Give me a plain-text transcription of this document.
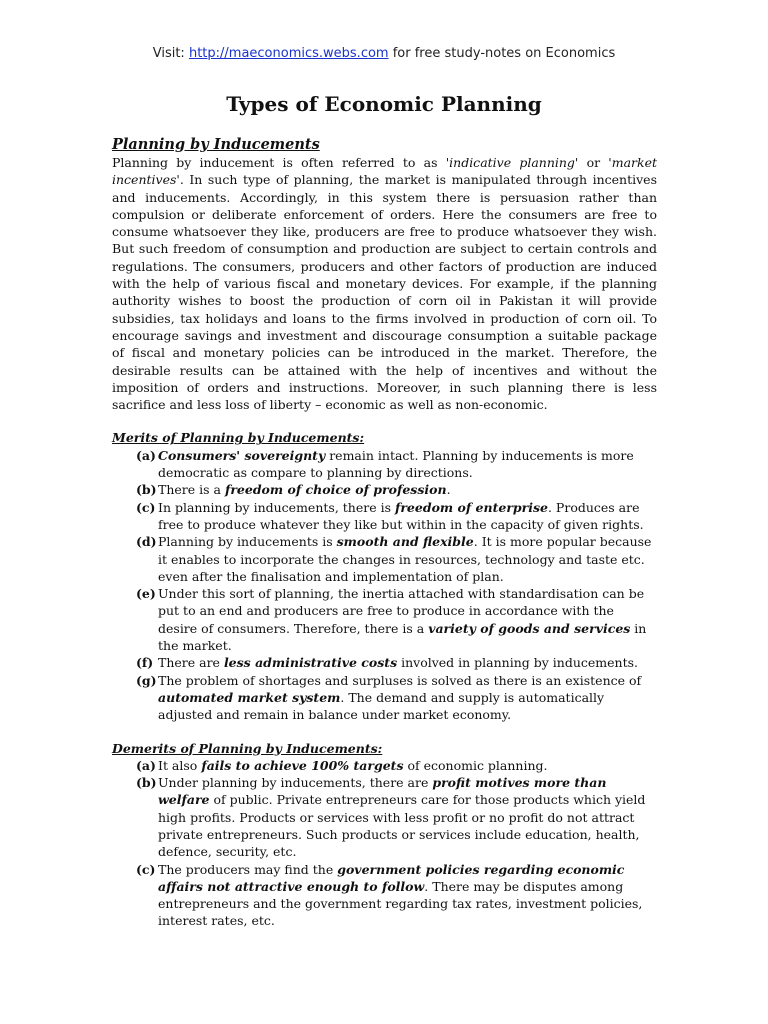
Visit: http://maeconomics.webs.com for free study-notes on Economics
Types of Economic Planning

Planning by Inducements

Planning by inducement is often referred to as 'indicative planning' or 'market incentives'. In such type of planning, the market is manipulated through incentives and inducements. Accordingly, in this system there is persuasion rather than compulsion or deliberate enforcement of orders. Here the consumers are free to consume whatsoever they like, producers are free to produce whatsoever they wish. But such freedom of consumption and production are subject to certain controls and regulations. The consumers, producers and other factors of production are induced with the help of various fiscal and monetary devices. For example, if the planning authority wishes to boost the production of corn oil in Pakistan it will provide subsidies, tax holidays and loans to the firms involved in production of corn oil. To encourage savings and investment and discourage consumption a suitable package of fiscal and monetary policies can be introduced in the market. Therefore, the desirable results can be attained with the help of incentives and without the imposition of orders and instructions. Moreover, in such planning there is less sacrifice and less loss of liberty – economic as well as non-economic.

Merits of Planning by Inducements:

(a) Consumers' sovereignty remain intact. Planning by inducements is more democratic as compare to planning by directions.
(b) There is a freedom of choice of profession.
(c) In planning by inducements, there is freedom of enterprise. Produces are free to produce whatever they like but within in the capacity of given rights.
(d) Planning by inducements is smooth and flexible. It is more popular because it enables to incorporate the changes in resources, technology and taste etc. even after the finalisation and implementation of plan.
(e) Under this sort of planning, the inertia attached with standardisation can be put to an end and producers are free to produce in accordance with the desire of consumers. Therefore, there is a variety of goods and services in the market.
(f) There are less administrative costs involved in planning by inducements.
(g) The problem of shortages and surpluses is solved as there is an existence of automated market system. The demand and supply is automatically adjusted and remain in balance under market economy.

Demerits of Planning by Inducements:

(a) It also fails to achieve 100% targets of economic planning.
(b) Under planning by inducements, there are profit motives more than welfare of public. Private entrepreneurs care for those products which yield high profits. Products or services with less profit or no profit do not attract private entrepreneurs. Such products or services include education, health, defence, security, etc.
(c) The producers may find the government policies regarding economic affairs not attractive enough to follow. There may be disputes among entrepreneurs and the government regarding tax rates, investment policies, interest rates, etc.
